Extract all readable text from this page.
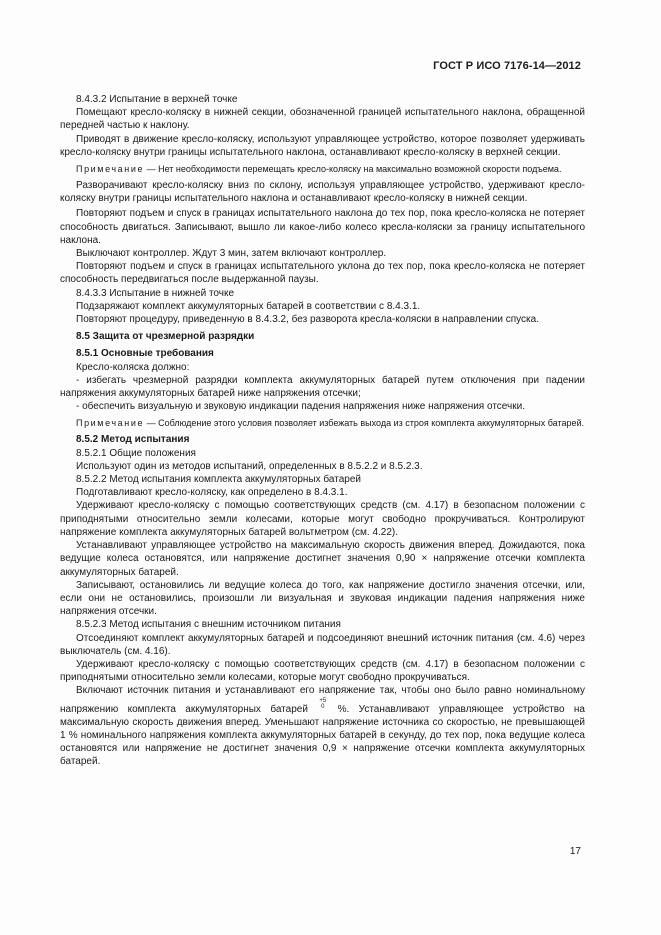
ГОСТ Р ИСО 7176-14—2012

8.4.3.2 Испытание в верхней точке

Помещают кресло-коляску в нижней секции, обозначенной границей испытательного наклона, обращенной передней частью к наклону.

Приводят в движение кресло-коляску, используют управляющее устройство, которое позволяет удерживать кресло-коляску внутри границы испытательного наклона, останавливают кресло-коляску в верхней секции.

Примечание — Нет необходимости перемещать кресло-коляску на максимально возможной скорости подъема.

Разворачивают кресло-коляску вниз по склону, используя управляющее устройство, удерживают кресло-коляску внутри границы испытательного наклона и останавливают кресло-коляску в нижней секции.

Повторяют подъем и спуск в границах испытательного наклона до тех пор, пока кресло-коляска не потеряет способность двигаться. Записывают, вышло ли какое-либо колесо кресла-коляски за границу испытательного наклона.

Выключают контроллер. Ждут 3 мин, затем включают контроллер.

Повторяют подъем и спуск в границах испытательного уклона до тех пор, пока кресло-коляска не потеряет способность передвигаться после выдержанной паузы.

8.4.3.3 Испытание в нижней точке

Подзаряжают комплект аккумуляторных батарей в соответствии с 8.4.3.1.

Повторяют процедуру, приведенную в 8.4.3.2, без разворота кресла-коляски в направлении спуска.

8.5 Защита от чрезмерной разрядки

8.5.1 Основные требования

Кресло-коляска должно:

- избегать чрезмерной разрядки комплекта аккумуляторных батарей путем отключения при падении напряжения аккумуляторных батарей ниже напряжения отсечки;

- обеспечить визуальную и звуковую индикации падения напряжения ниже напряжения отсечки.

Примечание — Соблюдение этого условия позволяет избежать выхода из строя комплекта аккумуляторных батарей.

8.5.2 Метод испытания

8.5.2.1 Общие положения

Используют один из методов испытаний, определенных в 8.5.2.2 и 8.5.2.3.

8.5.2.2 Метод испытания комплекта аккумуляторных батарей

Подготавливают кресло-коляску, как определено в 8.4.3.1.

Удерживают кресло-коляску с помощью соответствующих средств (см. 4.17) в безопасном положении с приподнятыми относительно земли колесами, которые могут свободно прокручиваться. Контролируют напряжение комплекта аккумуляторных батарей вольтметром (см. 4.22).

Устанавливают управляющее устройство на максимальную скорость движения вперед. Дожидаются, пока ведущие колеса остановятся, или напряжение достигнет значения 0,90 × напряжение отсечки комплекта аккумуляторных батарей.

Записывают, остановились ли ведущие колеса до того, как напряжение достигло значения отсечки, или, если они не остановились, произошли ли визуальная и звуковая индикации падения напряжения ниже напряжения отсечки.

8.5.2.3 Метод испытания с внешним источником питания

Отсоединяют комплект аккумуляторных батарей и подсоединяют внешний источник питания (см. 4.6) через выключатель (см. 4.16).

Удерживают кресло-коляску с помощью соответствующих средств (см. 4.17) в безопасном положении с приподнятыми относительно земли колесами, которые могут свободно прокручиваться.

Включают источник питания и устанавливают его напряжение так, чтобы оно было равно номинальному напряжению комплекта аккумуляторных батарей
+5
0 %. Устанавливают управляющее устройство на максимальную скорость движения вперед. Уменьшают напряжение источника со скоростью, не превышающей 1 % номинального напряжения комплекта аккумуляторных батарей в секунду, до тех пор, пока ведущие колеса остановятся или напряжение не достигнет значения 0,9 × напряжение отсечки комплекта аккумуляторных батарей.

17
